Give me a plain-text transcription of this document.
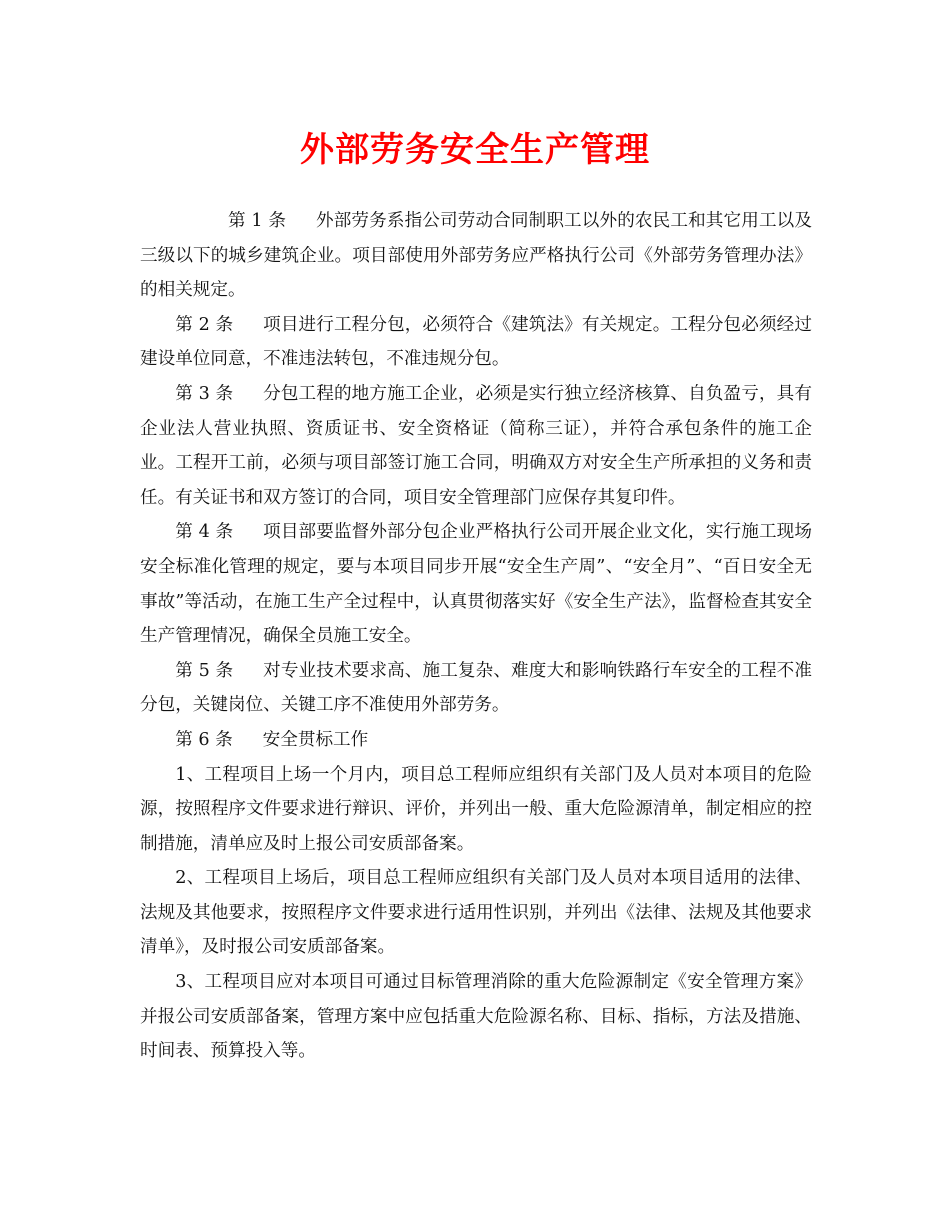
外部劳务安全生产管理

第 1 条 外部劳务系指公司劳动合同制职工以外的农民工和其它用工以及三级以下的城乡建筑企业。项目部使用外部劳务应严格执行公司《外部劳务管理办法》的相关规定。

第 2 条 项目进行工程分包，必须符合《建筑法》有关规定。工程分包必须经过建设单位同意，不准违法转包，不准违规分包。

第 3 条 分包工程的地方施工企业，必须是实行独立经济核算、自负盈亏，具有企业法人营业执照、资质证书、安全资格证（简称三证），并符合承包条件的施工企业。工程开工前，必须与项目部签订施工合同，明确双方对安全生产所承担的义务和责任。有关证书和双方签订的合同，项目安全管理部门应保存其复印件。

第 4 条 项目部要监督外部分包企业严格执行公司开展企业文化，实行施工现场安全标准化管理的规定，要与本项目同步开展“安全生产周”、“安全月”、“百日安全无事故”等活动，在施工生产全过程中，认真贯彻落实好《安全生产法》，监督检查其安全生产管理情况，确保全员施工安全。

第 5 条 对专业技术要求高、施工复杂、难度大和影响铁路行车安全的工程不准分包，关键岗位、关键工序不准使用外部劳务。

第 6 条 安全贯标工作

1、工程项目上场一个月内，项目总工程师应组织有关部门及人员对本项目的危险源，按照程序文件要求进行辩识、评价，并列出一般、重大危险源清单，制定相应的控制措施，清单应及时上报公司安质部备案。

2、工程项目上场后，项目总工程师应组织有关部门及人员对本项目适用的法律、法规及其他要求，按照程序文件要求进行适用性识别，并列出《法律、法规及其他要求清单》，及时报公司安质部备案。

3、工程项目应对本项目可通过目标管理消除的重大危险源制定《安全管理方案》并报公司安质部备案，管理方案中应包括重大危险源名称、目标、指标，方法及措施、时间表、预算投入等。
